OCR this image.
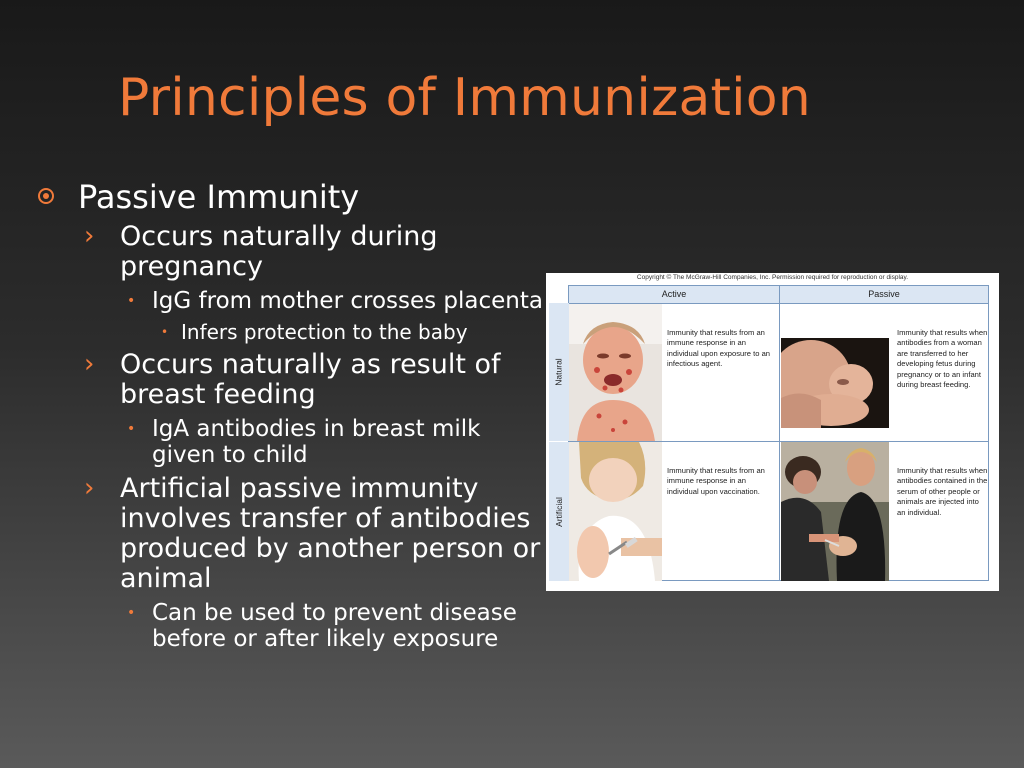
Principles of Immunization
Passive Immunity
› Occurs naturally during pregnancy
• IgG from mother crosses placenta
• Infers protection to the baby
› Occurs naturally as result of breast feeding
• IgA antibodies in breast milk given to child
› Artificial passive immunity involves transfer of antibodies produced by another person or animal
• Can be used to prevent disease before or after likely exposure
Copyright © The McGraw-Hill Companies, Inc. Permission required for reproduction or display.
Active	Passive
Natural
Artificial
Immunity that results from an immune response in an individual upon exposure to an infectious agent.
Immunity that results when antibodies from a woman are transferred to her developing fetus during pregnancy or to an infant during breast feeding.
Immunity that results from an immune response in an individual upon vaccination.
Immunity that results when antibodies contained in the serum of other people or animals are injected into an individual.
